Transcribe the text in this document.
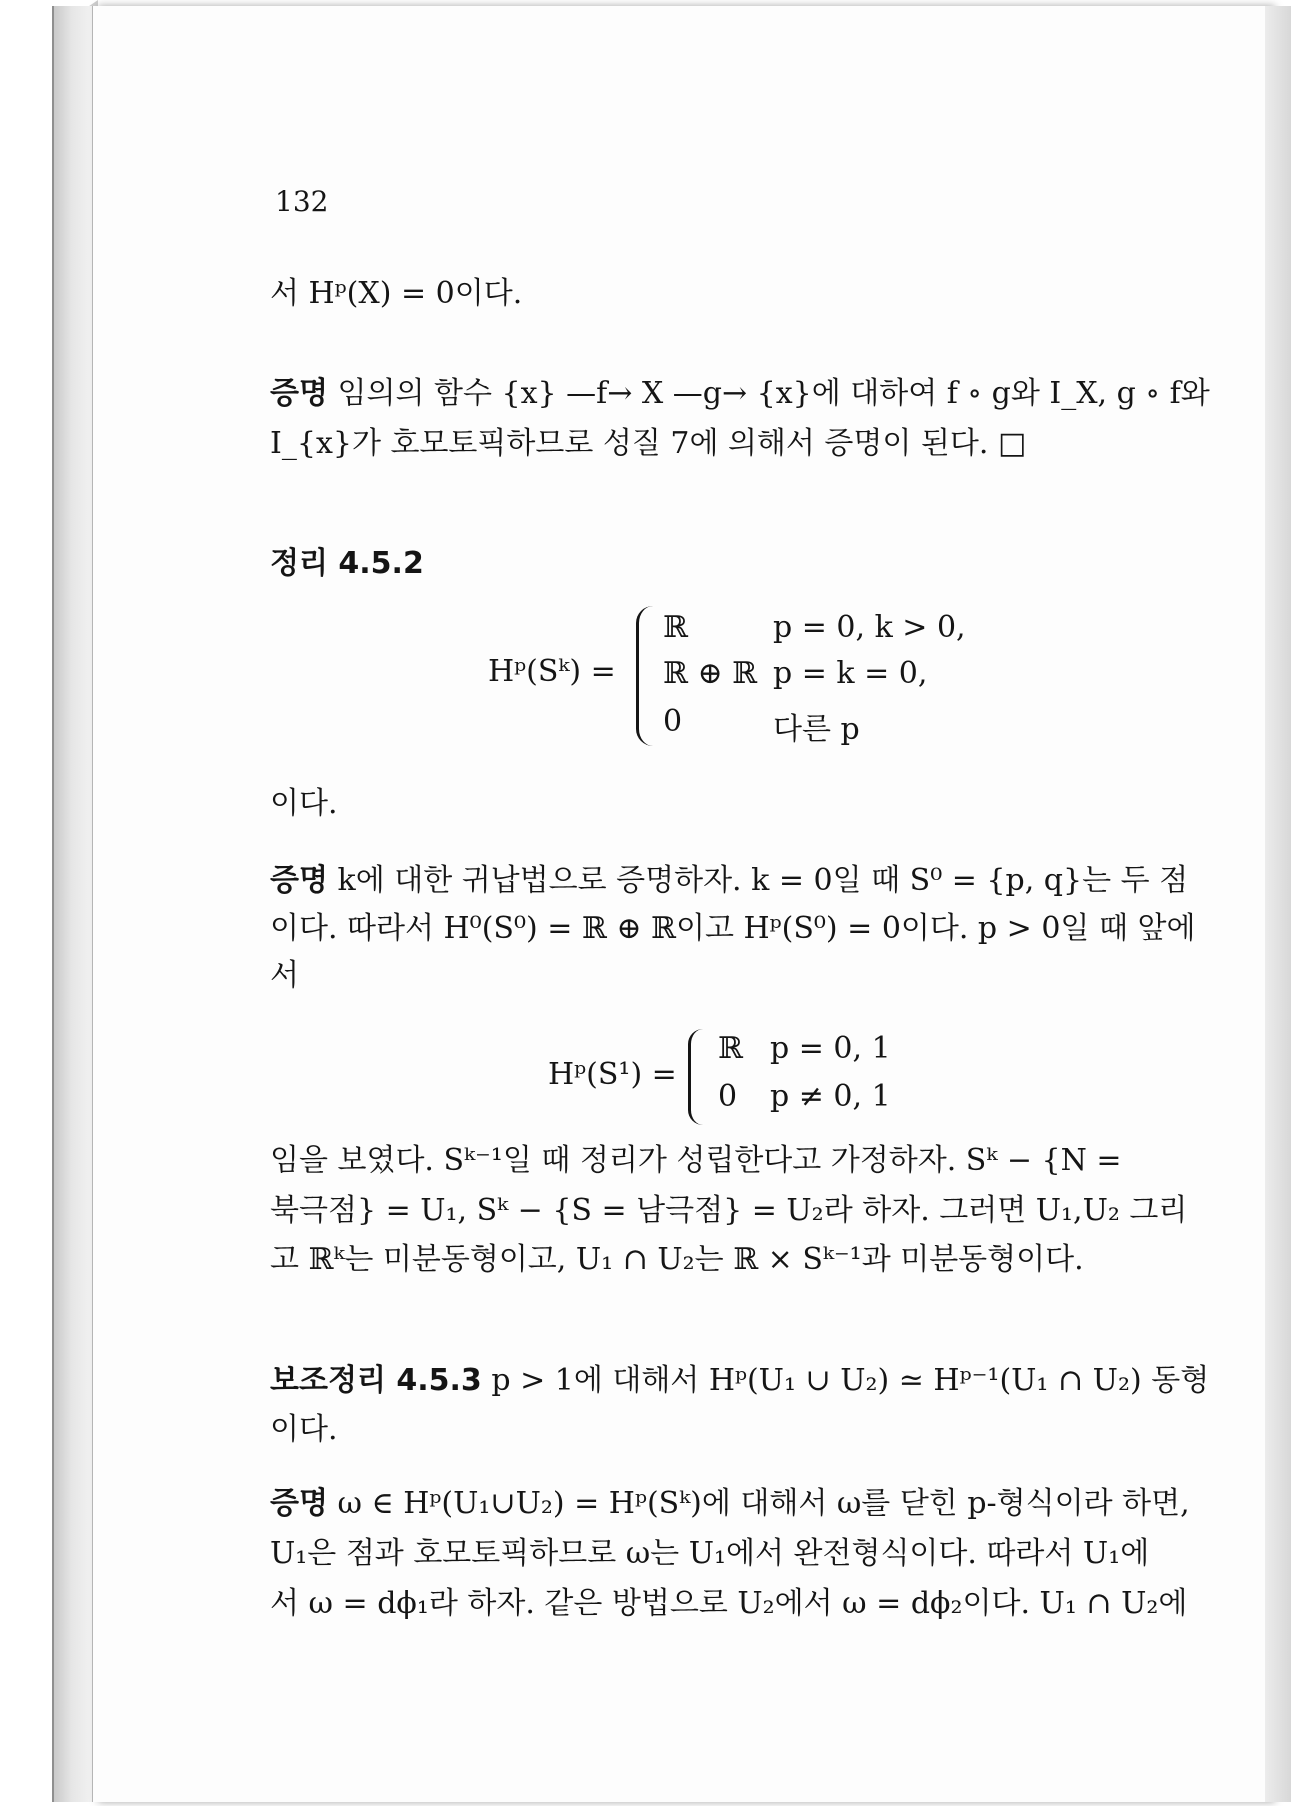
132
서 Hᵖ(X) = 0이다.
증명 임의의 함수 {x} —f→ X —g→ {x}에 대하여 f ∘ g와 I_X, g ∘ f와
I_{x}가 호모토픽하므로 성질 7에 의해서 증명이 된다. □
정리 4.5.2
Hᵖ(Sᵏ) =
ℝ	p = 0, k > 0,
ℝ ⊕ ℝ p = k = 0,
0	다른 p
이다.
증명 k에 대한 귀납법으로 증명하자. k = 0일 때 S⁰ = {p, q}는 두 점
이다. 따라서 H⁰(S⁰) = ℝ ⊕ ℝ이고 Hᵖ(S⁰) = 0이다. p > 0일 때 앞에
서
Hᵖ(S¹) =
ℝ p = 0, 1
0 p ≠ 0, 1
임을 보였다. Sᵏ⁻¹일 때 정리가 성립한다고 가정하자. Sᵏ − {N =
북극점} = U₁, Sᵏ − {S = 남극점} = U₂라 하자. 그러면 U₁,U₂ 그리
고 ℝᵏ는 미분동형이고, U₁ ∩ U₂는 ℝ × Sᵏ⁻¹과 미분동형이다.
보조정리 4.5.3 p > 1에 대해서 Hᵖ(U₁ ∪ U₂) ≃ Hᵖ⁻¹(U₁ ∩ U₂) 동형
이다.
증명 ω ∈ Hᵖ(U₁∪U₂) = Hᵖ(Sᵏ)에 대해서 ω를 닫힌 p-형식이라 하면,
U₁은 점과 호모토픽하므로 ω는 U₁에서 완전형식이다. 따라서 U₁에
서 ω = dϕ₁라 하자. 같은 방법으로 U₂에서 ω = dϕ₂이다. U₁ ∩ U₂에
